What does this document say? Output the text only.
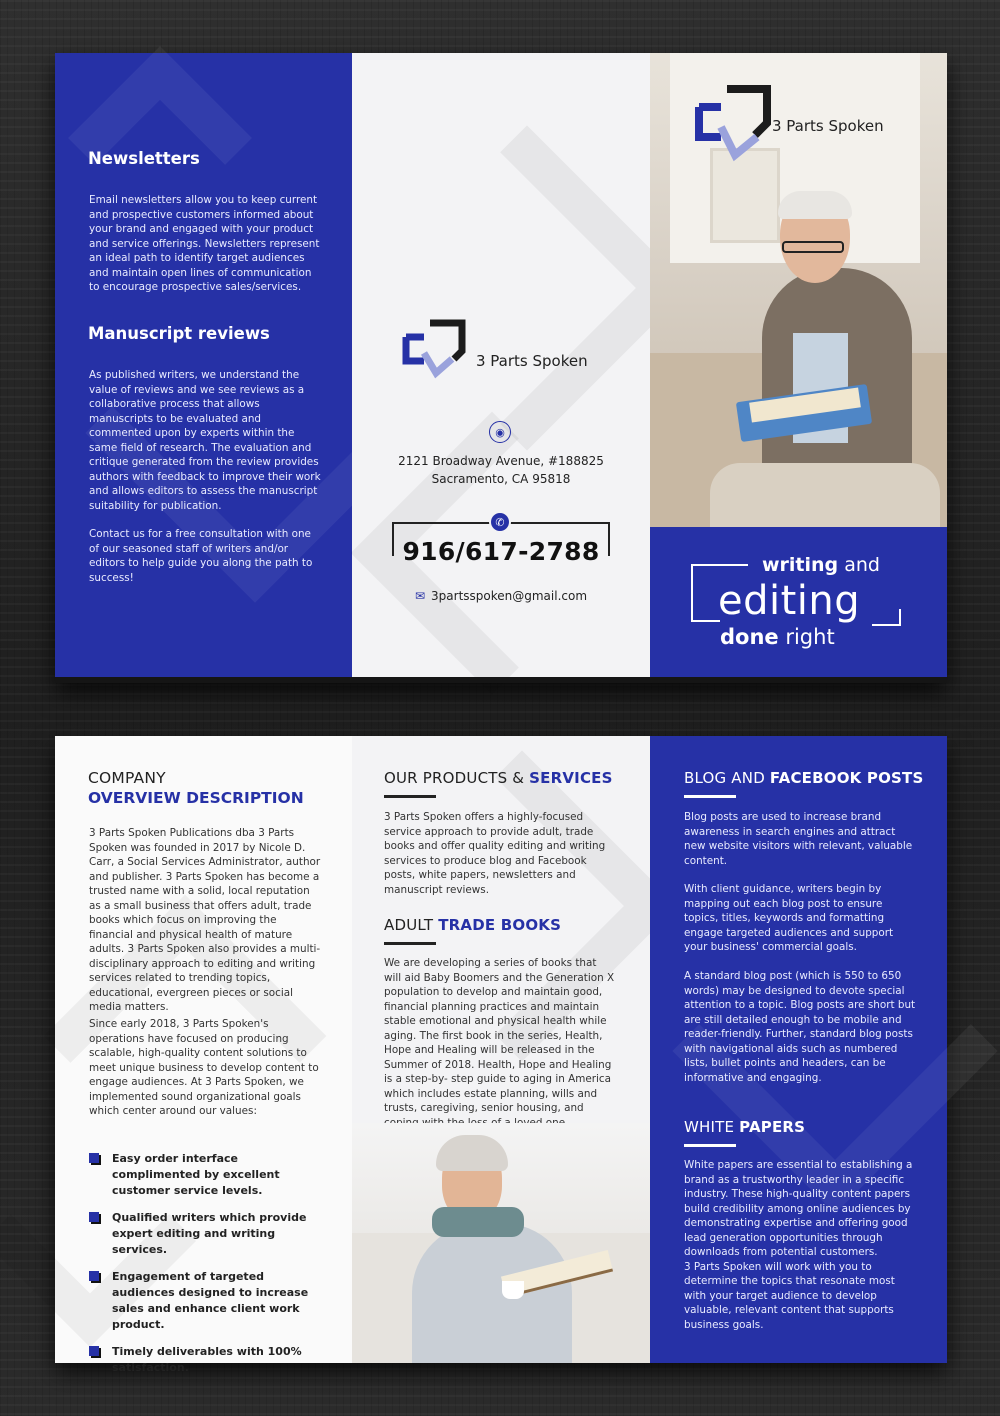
Newsletters
Email newsletters allow you to keep current and prospective customers informed about your brand and engaged with your product and service offerings. Newsletters represent an ideal path to identify target audiences and maintain open lines of communication to encourage prospective sales/services.
Manuscript reviews
As published writers, we understand the value of reviews and we see reviews as a collaborative process that allows manuscripts to be evaluated and commented upon by experts within the same field of research. The evaluation and critique generated from the review provides authors with feedback to improve their work and allows editors to assess the manuscript suitability for publication.
Contact us for a free consultation with one of our seasoned staff of writers and/or editors to help guide you along the path to success!
3 Parts Spoken
◉
2121 Broadway Avenue, #188825
Sacramento, CA 95818
✆
916/617-2788
✉ 3partsspoken@gmail.com
3 Parts Spoken
writing and
editing
done right
COMPANY
OVERVIEW DESCRIPTION
3 Parts Spoken Publications dba 3 Parts Spoken was founded in 2017 by Nicole D. Carr, a Social Services Administrator, author and publisher. 3 Parts Spoken has become a trusted name with a solid, local reputation as a small business that offers adult, trade books which focus on improving the financial and physical health of mature adults. 3 Parts Spoken also provides a multi-disciplinary approach to editing and writing services related to trending topics, educational, evergreen pieces or social media matters.
Since early 2018, 3 Parts Spoken's operations have focused on producing scalable, high-quality content solutions to meet unique business to develop content to engage audiences. At 3 Parts Spoken, we implemented sound organizational goals which center around our values:
Easy order interface complimented by excellent customer service levels.
Qualified writers which provide expert editing and writing services.
Engagement of targeted audiences designed to increase sales and enhance client work product.
Timely deliverables with 100% satisfaction.
OUR PRODUCTS & SERVICES
3 Parts Spoken offers a highly-focused service approach to provide adult, trade books and offer quality editing and writing services to produce blog and Facebook posts, white papers, newsletters and manuscript reviews.
ADULT TRADE BOOKS
We are developing a series of books that will aid Baby Boomers and the Generation X population to develop and maintain good, financial planning practices and maintain stable emotional and physical health while aging. The first book in the series, Health, Hope and Healing will be released in the Summer of 2018. Health, Hope and Healing is a step-by- step guide to aging in America which includes estate planning, wills and trusts, caregiving, senior housing, and
BLOG AND FACEBOOK POSTS
Blog posts are used to increase brand awareness in search engines and attract new website visitors with relevant, valuable content.
With client guidance, writers begin by mapping out each blog post to ensure topics, titles, keywords and formatting engage targeted audiences and support your business' commercial goals.
A standard blog post (which is 550 to 650 words) may be designed to devote special attention to a topic. Blog posts are short but are still detailed enough to be mobile and reader-friendly. Further, standard blog posts with navigational aids such as numbered lists, bullet points and headers, can be informative and engaging.
WHITE PAPERS
White papers are essential to establishing a brand as a trustworthy leader in a specific industry. These high-quality content papers build credibility among online audiences by demonstrating expertise and offering good lead generation opportunities through downloads from potential customers.
3 Parts Spoken will work with you to determine the topics that resonate most with your target audience to develop valuable, relevant content that supports business goals.
